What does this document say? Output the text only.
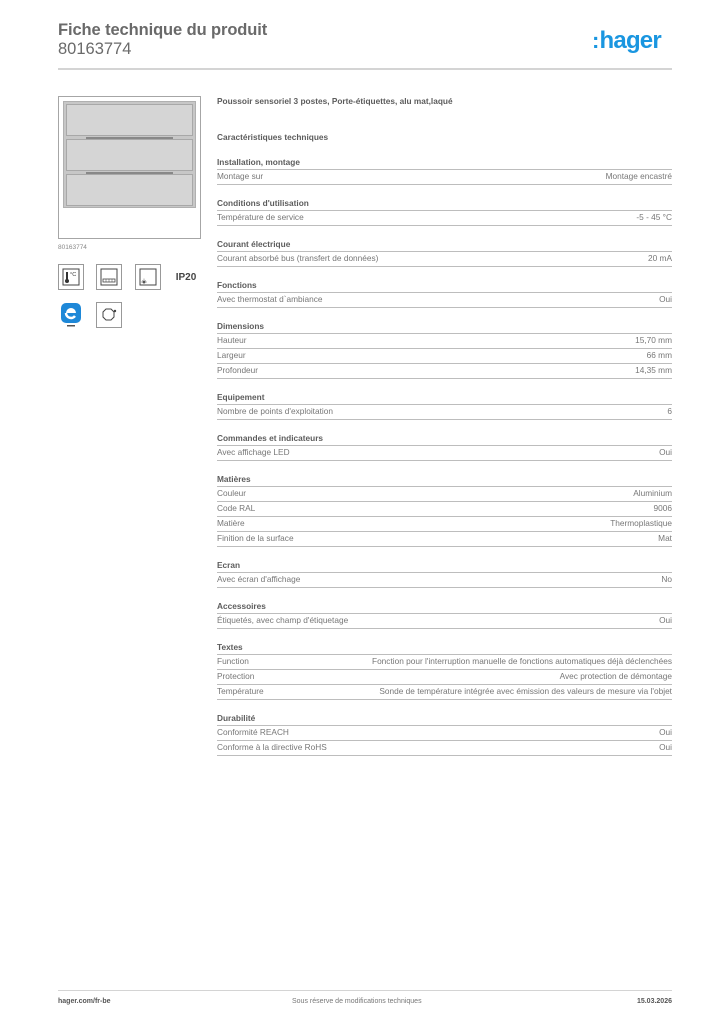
Fiche technique du produit
80163774	:hager
80163774
°C	IP20
Poussoir sensoriel 3 postes, Porte-étiquettes, alu mat,laqué
Caractéristiques techniques
Installation, montage
Montage sur	Montage encastré
Conditions d'utilisation
Température de service	-5 - 45 °C
Courant électrique
Courant absorbé bus (transfert de données)	20 mA
Fonctions
Avec thermostat d`ambiance	Oui
Dimensions
Hauteur	15,70 mm
Largeur	66 mm
Profondeur	14,35 mm
Equipement
Nombre de points d'exploitation	6
Commandes et indicateurs
Avec affichage LED	Oui
Matières
Couleur	Aluminium
Code RAL	9006
Matière	Thermoplastique
Finition de la surface	Mat
Ecran
Avec écran d'affichage	No
Accessoires
Étiquetés, avec champ d'étiquetage	Oui
Textes
Function	Fonction pour l'interruption manuelle de fonctions automatiques déjà déclenchées
Protection	Avec protection de démontage
Température	Sonde de température intégrée avec émission des valeurs de mesure via l'objet
Durabilité
Conformité REACH	Oui
Conforme à la directive RoHS	Oui
hager.com/fr-be	Sous réserve de modifications techniques	15.03.2026
